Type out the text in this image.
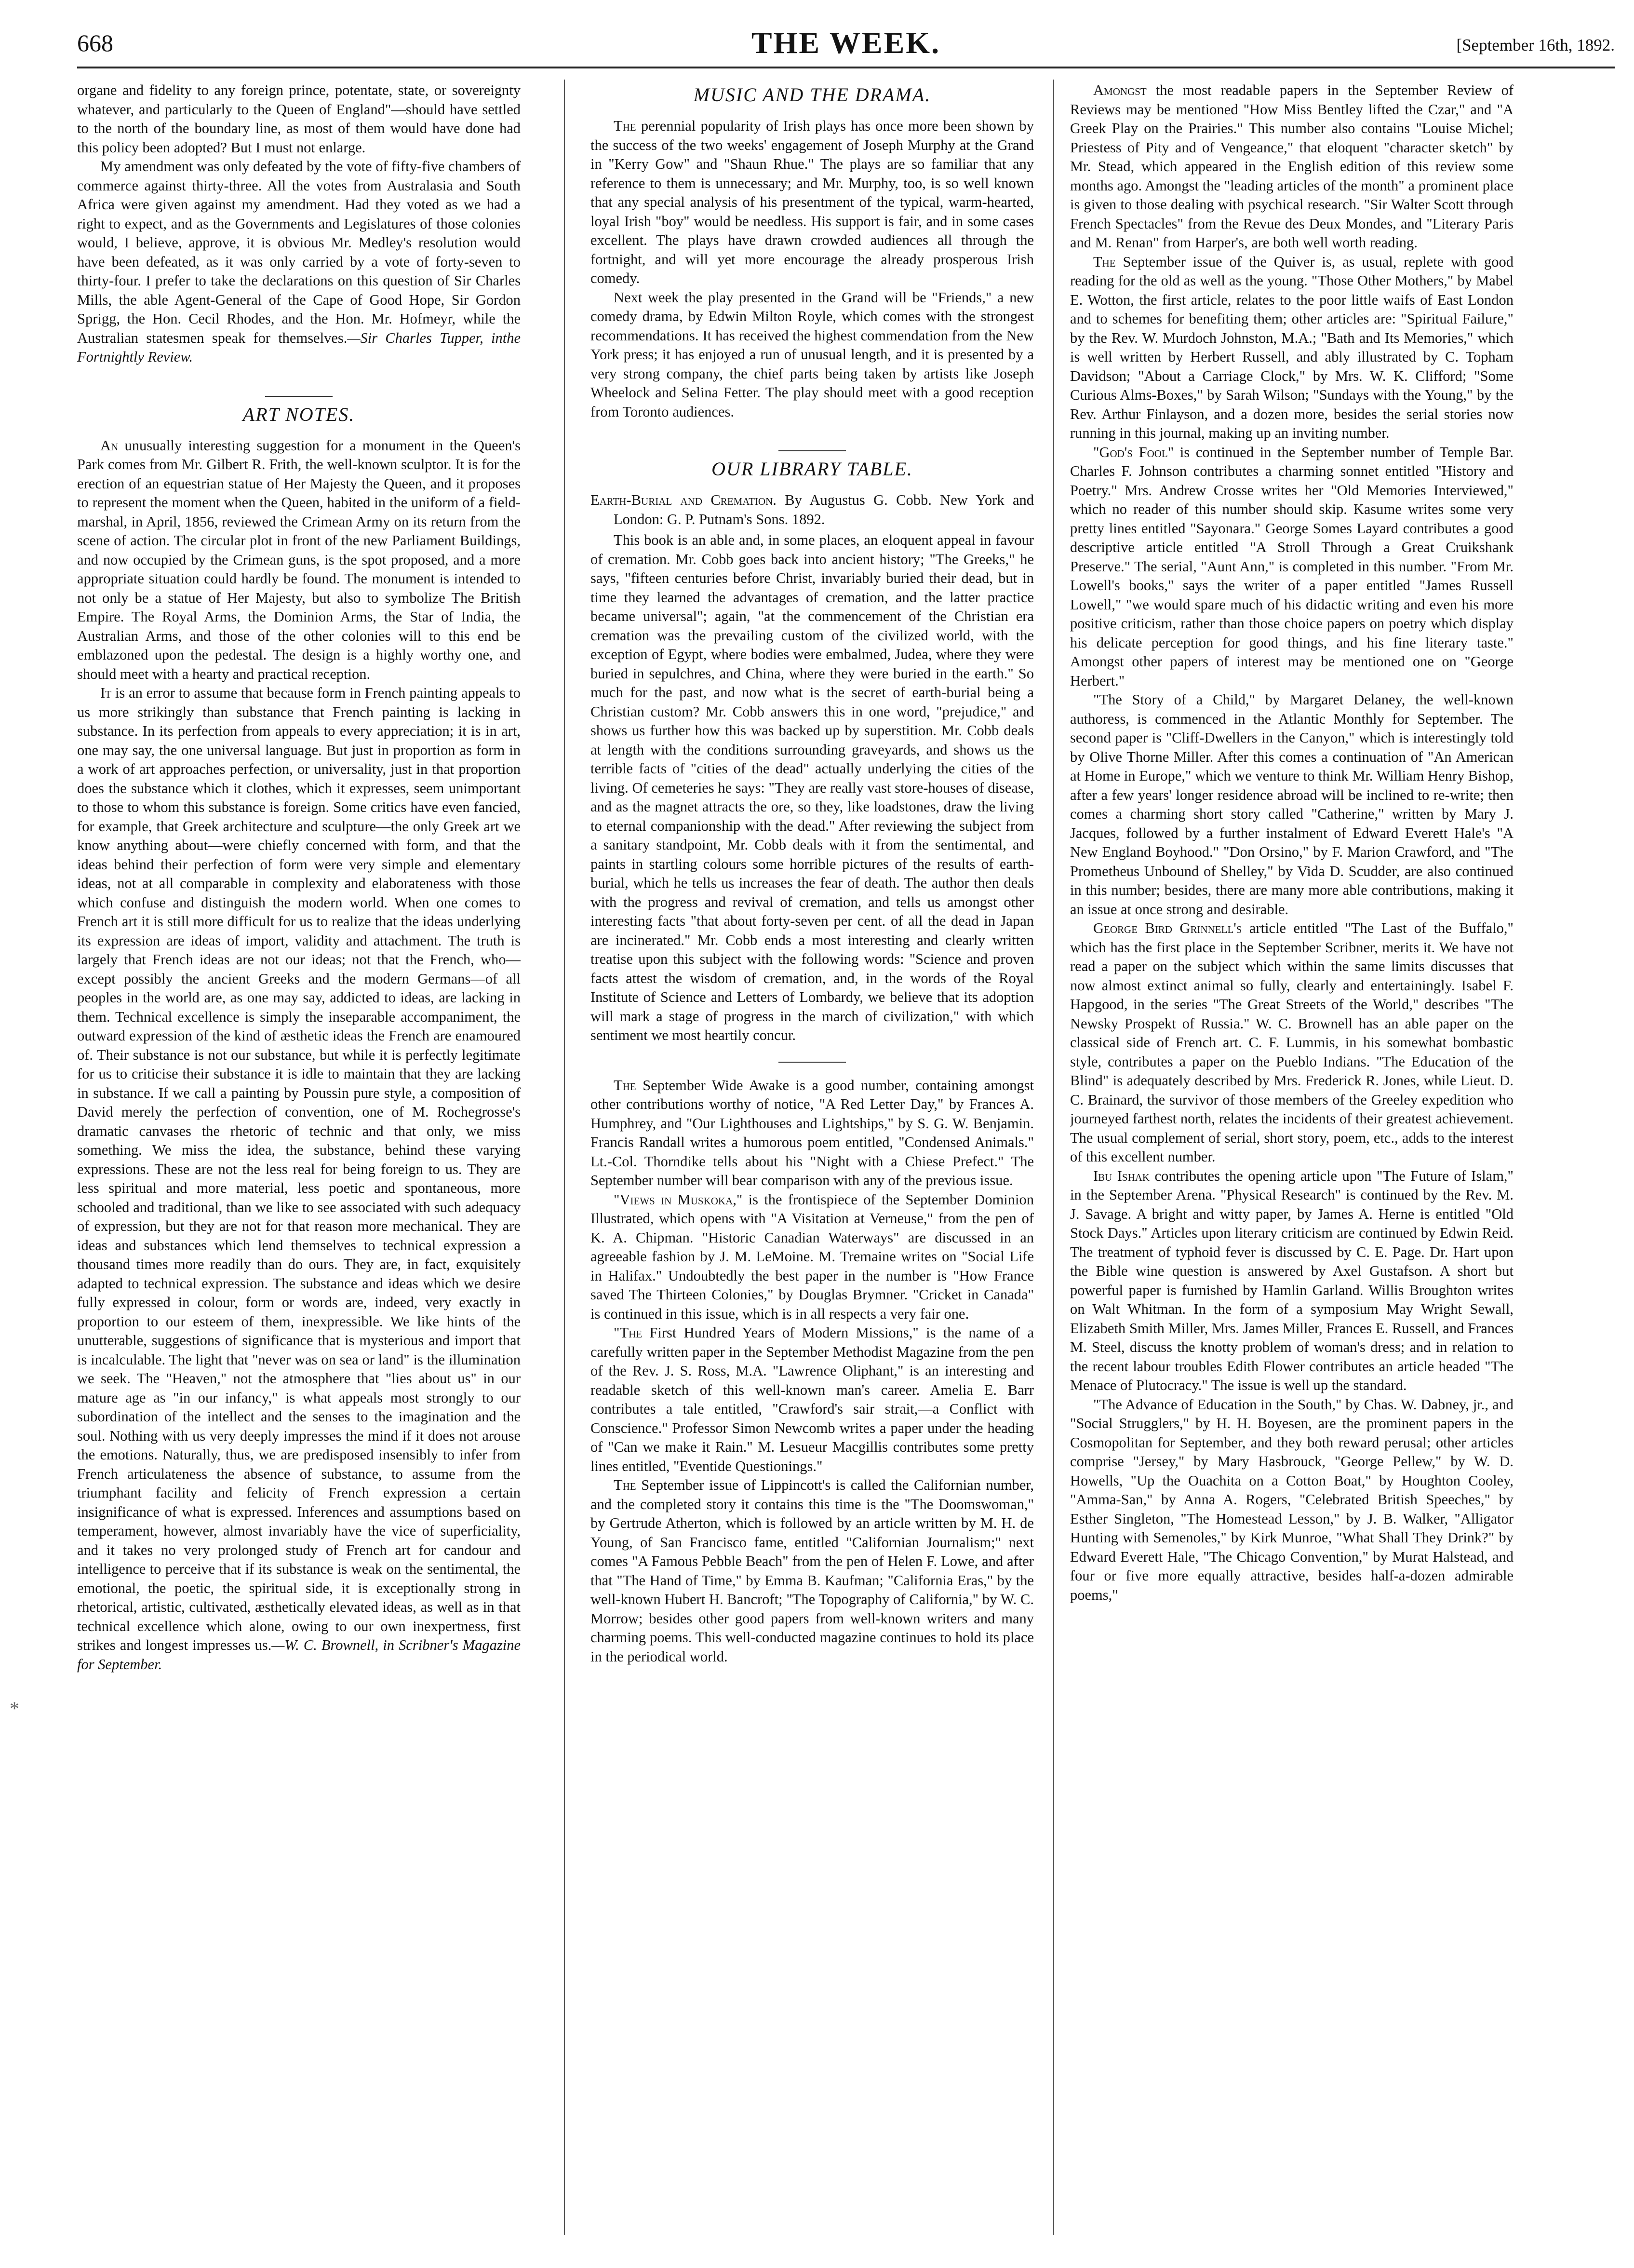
668	THE WEEK.	[September 16th, 1892.
*

organe and fidelity to any foreign prince, potentate, state, or sovereignty whatever, and particularly to the Queen of England"—should have settled to the north of the boundary line, as most of them would have done had this policy been adopted? But I must not enlarge.

My amendment was only defeated by the vote of fifty-five chambers of commerce against thirty-three. All the votes from Australasia and South Africa were given against my amendment. Had they voted as we had a right to expect, and as the Governments and Legislatures of those colonies would, I believe, approve, it is obvious Mr. Medley's resolution would have been defeated, as it was only carried by a vote of forty-seven to thirty-four. I prefer to take the declarations on this question of Sir Charles Mills, the able Agent-General of the Cape of Good Hope, Sir Gordon Sprigg, the Hon. Cecil Rhodes, and the Hon. Mr. Hofmeyr, while the Australian statesmen speak for themselves.—Sir Charles Tupper, inthe Fortnightly Review.

ART NOTES.

An unusually interesting suggestion for a monument in the Queen's Park comes from Mr. Gilbert R. Frith, the well-known sculptor. It is for the erection of an equestrian statue of Her Majesty the Queen, and it proposes to represent the moment when the Queen, habited in the uniform of a field-marshal, in April, 1856, reviewed the Crimean Army on its return from the scene of action. The circular plot in front of the new Parliament Buildings, and now occupied by the Crimean guns, is the spot proposed, and a more appropriate situation could hardly be found. The monument is intended to not only be a statue of Her Majesty, but also to symbolize The British Empire. The Royal Arms, the Dominion Arms, the Star of India, the Australian Arms, and those of the other colonies will to this end be emblazoned upon the pedestal. The design is a highly worthy one, and should meet with a hearty and practical reception.

It is an error to assume that because form in French painting appeals to us more strikingly than substance that French painting is lacking in substance. In its perfection from appeals to every appreciation; it is in art, one may say, the one universal language. But just in proportion as form in a work of art approaches perfection, or universality, just in that proportion does the substance which it clothes, which it expresses, seem unimportant to those to whom this substance is foreign. Some critics have even fancied, for example, that Greek architecture and sculpture—the only Greek art we know anything about—were chiefly concerned with form, and that the ideas behind their perfection of form were very simple and elementary ideas, not at all comparable in complexity and elaborateness with those which confuse and distinguish the modern world. When one comes to French art it is still more difficult for us to realize that the ideas underlying its expression are ideas of import, validity and attachment. The truth is largely that French ideas are not our ideas; not that the French, who—except possibly the ancient Greeks and the modern Germans—of all peoples in the world are, as one may say, addicted to ideas, are lacking in them. Technical excellence is simply the inseparable accompaniment, the outward expression of the kind of æsthetic ideas the French are enamoured of. Their substance is not our substance, but while it is perfectly legitimate for us to criticise their substance it is idle to maintain that they are lacking in substance. If we call a painting by Poussin pure style, a composition of David merely the perfection of convention, one of M. Rochegrosse's dramatic canvases the rhetoric of technic and that only, we miss something. We miss the idea, the substance, behind these varying expressions. These are not the less real for being foreign to us. They are less spiritual and more material, less poetic and spontaneous, more schooled and traditional, than we like to see associated with such adequacy of expression, but they are not for that reason more mechanical. They are ideas and substances which lend themselves to technical expression a thousand times more readily than do ours. They are, in fact, exquisitely adapted to technical expression. The substance and ideas which we desire fully expressed in colour, form or words are, indeed, very exactly in proportion to our esteem of them, inexpressible. We like hints of the unutterable, suggestions of significance that is mysterious and import that is incalculable. The light that "never was on sea or land" is the illumination we seek. The "Heaven," not the atmosphere that "lies about us" in our mature age as "in our infancy," is what appeals most strongly to our subordination of the intellect and the senses to the imagination and the soul. Nothing with us very deeply impresses the mind if it does not arouse the emotions. Naturally, thus, we are predisposed insensibly to infer from French articulateness the absence of substance, to assume from the triumphant facility and felicity of French expression a certain insignificance of what is expressed. Inferences and assumptions based on temperament, however, almost invariably have the vice of superficiality, and it takes no very prolonged study of French art for candour and intelligence to perceive that if its substance is weak on the sentimental, the emotional, the poetic, the spiritual side, it is exceptionally strong in rhetorical, artistic, cultivated, æsthetically elevated ideas, as well as in that technical excellence which alone, owing to our own inexpertness, first strikes and longest impresses us.—W. C. Brownell, in Scribner's Magazine for September.

MUSIC AND THE DRAMA.

The perennial popularity of Irish plays has once more been shown by the success of the two weeks' engagement of Joseph Murphy at the Grand in "Kerry Gow" and "Shaun Rhue." The plays are so familiar that any reference to them is unnecessary; and Mr. Murphy, too, is so well known that any special analysis of his presentment of the typical, warm-hearted, loyal Irish "boy" would be needless. His support is fair, and in some cases excellent. The plays have drawn crowded audiences all through the fortnight, and will yet more encourage the already prosperous Irish comedy.

Next week the play presented in the Grand will be "Friends," a new comedy drama, by Edwin Milton Royle, which comes with the strongest recommendations. It has received the highest commendation from the New York press; it has enjoyed a run of unusual length, and it is presented by a very strong company, the chief parts being taken by artists like Joseph Wheelock and Selina Fetter. The play should meet with a good reception from Toronto audiences.

OUR LIBRARY TABLE.

Earth-Burial and Cremation. By Augustus G. Cobb. New York and London: G. P. Putnam's Sons. 1892.

This book is an able and, in some places, an eloquent appeal in favour of cremation. Mr. Cobb goes back into ancient history; "The Greeks," he says, "fifteen centuries before Christ, invariably buried their dead, but in time they learned the advantages of cremation, and the latter practice became universal"; again, "at the commencement of the Christian era cremation was the prevailing custom of the civilized world, with the exception of Egypt, where bodies were embalmed, Judea, where they were buried in sepulchres, and China, where they were buried in the earth." So much for the past, and now what is the secret of earth-burial being a Christian custom? Mr. Cobb answers this in one word, "prejudice," and shows us further how this was backed up by superstition. Mr. Cobb deals at length with the conditions surrounding graveyards, and shows us the terrible facts of "cities of the dead" actually underlying the cities of the living. Of cemeteries he says: "They are really vast store-houses of disease, and as the magnet attracts the ore, so they, like loadstones, draw the living to eternal companionship with the dead." After reviewing the subject from a sanitary standpoint, Mr. Cobb deals with it from the sentimental, and paints in startling colours some horrible pictures of the results of earth-burial, which he tells us increases the fear of death. The author then deals with the progress and revival of cremation, and tells us amongst other interesting facts "that about forty-seven per cent. of all the dead in Japan are incinerated." Mr. Cobb ends a most interesting and clearly written treatise upon this subject with the following words: "Science and proven facts attest the wisdom of cremation, and, in the words of the Royal Institute of Science and Letters of Lombardy, we believe that its adoption will mark a stage of progress in the march of civilization," with which sentiment we most heartily concur.

The September Wide Awake is a good number, containing amongst other contributions worthy of notice, "A Red Letter Day," by Frances A. Humphrey, and "Our Lighthouses and Lightships," by S. G. W. Benjamin. Francis Randall writes a humorous poem entitled, "Condensed Animals." Lt.-Col. Thorndike tells about his "Night with a Chiese Prefect." The September number will bear comparison with any of the previous issue.

"Views in Muskoka," is the frontispiece of the September Dominion Illustrated, which opens with "A Visitation at Verneuse," from the pen of K. A. Chipman. "Historic Canadian Waterways" are discussed in an agreeable fashion by J. M. LeMoine. M. Tremaine writes on "Social Life in Halifax." Undoubtedly the best paper in the number is "How France saved The Thirteen Colonies," by Douglas Brymner. "Cricket in Canada" is continued in this issue, which is in all respects a very fair one.

"The First Hundred Years of Modern Missions," is the name of a carefully written paper in the September Methodist Magazine from the pen of the Rev. J. S. Ross, M.A. "Lawrence Oliphant," is an interesting and readable sketch of this well-known man's career. Amelia E. Barr contributes a tale entitled, "Crawford's sair strait,—a Conflict with Conscience." Professor Simon Newcomb writes a paper under the heading of "Can we make it Rain." M. Lesueur Macgillis contributes some pretty lines entitled, "Eventide Questionings."

The September issue of Lippincott's is called the Californian number, and the completed story it contains this time is the "The Doomswoman," by Gertrude Atherton, which is followed by an article written by M. H. de Young, of San Francisco fame, entitled "Californian Journalism;" next comes "A Famous Pebble Beach" from the pen of Helen F. Lowe, and after that "The Hand of Time," by Emma B. Kaufman; "California Eras," by the well-known Hubert H. Bancroft; "The Topography of California," by W. C. Morrow; besides other good papers from well-known writers and many charming poems. This well-conducted magazine continues to hold its place in the periodical world.

Amongst the most readable papers in the September Review of Reviews may be mentioned "How Miss Bentley lifted the Czar," and "A Greek Play on the Prairies." This number also contains "Louise Michel; Priestess of Pity and of Vengeance," that eloquent "character sketch" by Mr. Stead, which appeared in the English edition of this review some months ago. Amongst the "leading articles of the month" a prominent place is given to those dealing with psychical research. "Sir Walter Scott through French Spectacles" from the Revue des Deux Mondes, and "Literary Paris and M. Renan" from Harper's, are both well worth reading.

The September issue of the Quiver is, as usual, replete with good reading for the old as well as the young. "Those Other Mothers," by Mabel E. Wotton, the first article, relates to the poor little waifs of East London and to schemes for benefiting them; other articles are: "Spiritual Failure," by the Rev. W. Murdoch Johnston, M.A.; "Bath and Its Memories," which is well written by Herbert Russell, and ably illustrated by C. Topham Davidson; "About a Carriage Clock," by Mrs. W. K. Clifford; "Some Curious Alms-Boxes," by Sarah Wilson; "Sundays with the Young," by the Rev. Arthur Finlayson, and a dozen more, besides the serial stories now running in this journal, making up an inviting number.

"God's Fool" is continued in the September number of Temple Bar. Charles F. Johnson contributes a charming sonnet entitled "History and Poetry." Mrs. Andrew Crosse writes her "Old Memories Interviewed," which no reader of this number should skip. Kasume writes some very pretty lines entitled "Sayonara." George Somes Layard contributes a good descriptive article entitled "A Stroll Through a Great Cruikshank Preserve." The serial, "Aunt Ann," is completed in this number. "From Mr. Lowell's books," says the writer of a paper entitled "James Russell Lowell," "we would spare much of his didactic writing and even his more positive criticism, rather than those choice papers on poetry which display his delicate perception for good things, and his fine literary taste." Amongst other papers of interest may be mentioned one on "George Herbert."

"The Story of a Child," by Margaret Delaney, the well-known authoress, is commenced in the Atlantic Monthly for September. The second paper is "Cliff-Dwellers in the Canyon," which is interestingly told by Olive Thorne Miller. After this comes a continuation of "An American at Home in Europe," which we venture to think Mr. William Henry Bishop, after a few years' longer residence abroad will be inclined to re-write; then comes a charming short story called "Catherine," written by Mary J. Jacques, followed by a further instalment of Edward Everett Hale's "A New England Boyhood." "Don Orsino," by F. Marion Crawford, and "The Prometheus Unbound of Shelley," by Vida D. Scudder, are also continued in this number; besides, there are many more able contributions, making it an issue at once strong and desirable.

George Bird Grinnell's article entitled "The Last of the Buffalo," which has the first place in the September Scribner, merits it. We have not read a paper on the subject which within the same limits discusses that now almost extinct animal so fully, clearly and entertainingly. Isabel F. Hapgood, in the series "The Great Streets of the World," describes "The Newsky Prospekt of Russia." W. C. Brownell has an able paper on the classical side of French art. C. F. Lummis, in his somewhat bombastic style, contributes a paper on the Pueblo Indians. "The Education of the Blind" is adequately described by Mrs. Frederick R. Jones, while Lieut. D. C. Brainard, the survivor of those members of the Greeley expedition who journeyed farthest north, relates the incidents of their greatest achievement. The usual complement of serial, short story, poem, etc., adds to the interest of this excellent number.

Ibu Ishak contributes the opening article upon "The Future of Islam," in the September Arena. "Physical Research" is continued by the Rev. M. J. Savage. A bright and witty paper, by James A. Herne is entitled "Old Stock Days." Articles upon literary criticism are continued by Edwin Reid. The treatment of typhoid fever is discussed by C. E. Page. Dr. Hart upon the Bible wine question is answered by Axel Gustafson. A short but powerful paper is furnished by Hamlin Garland. Willis Broughton writes on Walt Whitman. In the form of a symposium May Wright Sewall, Elizabeth Smith Miller, Mrs. James Miller, Frances E. Russell, and Frances M. Steel, discuss the knotty problem of woman's dress; and in relation to the recent labour troubles Edith Flower contributes an article headed "The Menace of Plutocracy." The issue is well up the standard.

"The Advance of Education in the South," by Chas. W. Dabney, jr., and "Social Strugglers," by H. H. Boyesen, are the prominent papers in the Cosmopolitan for September, and they both reward perusal; other articles comprise "Jersey," by Mary Hasbrouck, "George Pellew," by W. D. Howells, "Up the Ouachita on a Cotton Boat," by Houghton Cooley, "Amma-San," by Anna A. Rogers, "Celebrated British Speeches," by Esther Singleton, "The Homestead Lesson," by J. B. Walker, "Alligator Hunting with Semenoles," by Kirk Munroe, "What Shall They Drink?" by Edward Everett Hale, "The Chicago Convention," by Murat Halstead, and four or five more equally attractive, besides half-a-dozen admirable poems,"
